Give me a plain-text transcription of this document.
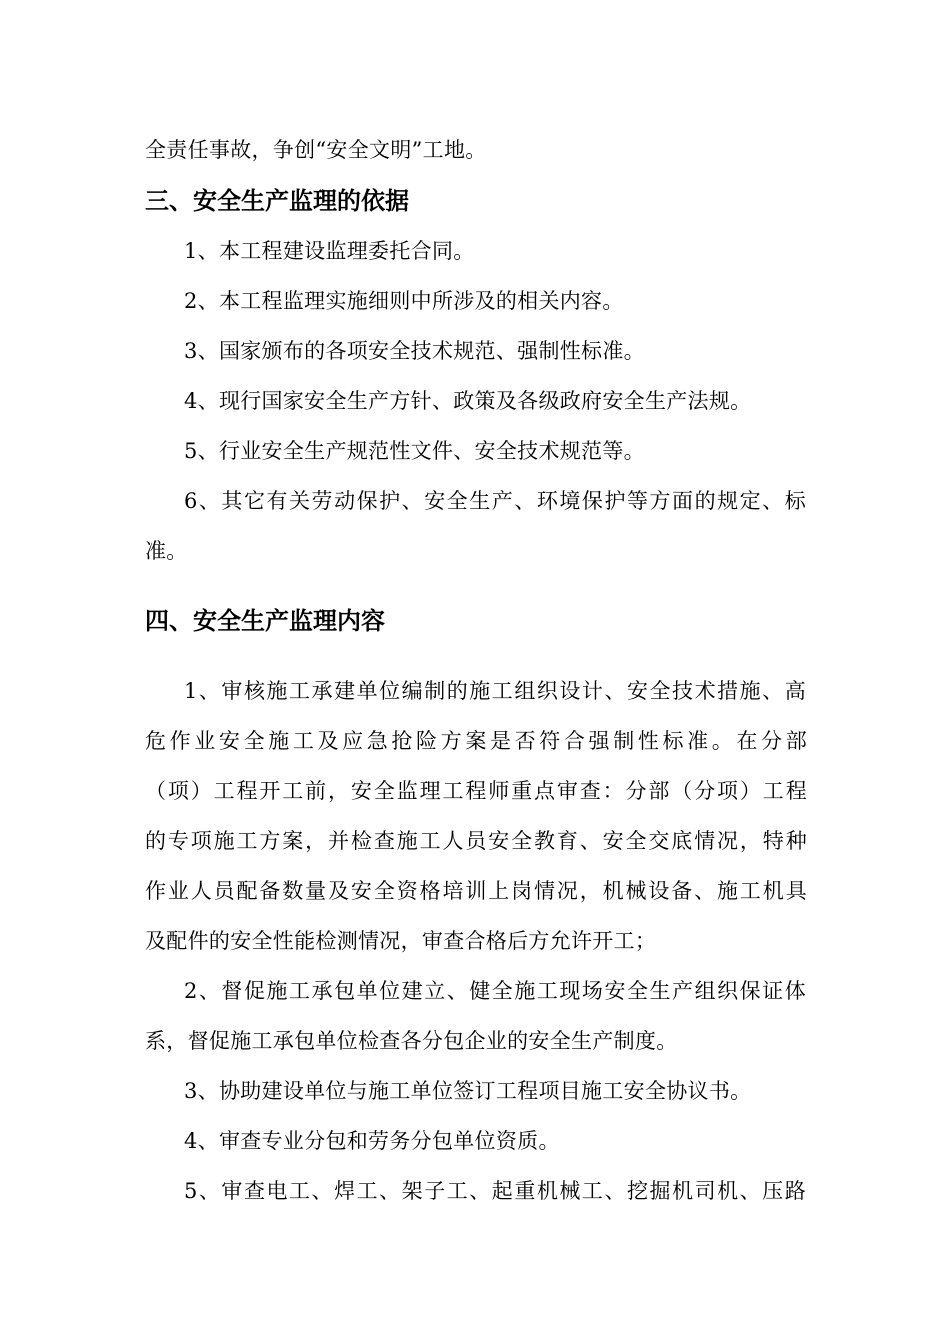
全责任事故，争创“安全文明”工地。
三、安全生产监理的依据
1、本工程建设监理委托合同。
2、本工程监理实施细则中所涉及的相关内容。
3、国家颁布的各项安全技术规范、强制性标准。
4、现行国家安全生产方针、政策及各级政府安全生产法规。
5、行业安全生产规范性文件、安全技术规范等。
6、其它有关劳动保护、安全生产、环境保护等方面的规定、标
准。
四、安全生产监理内容
1、审核施工承建单位编制的施工组织设计、安全技术措施、高
危作业安全施工及应急抢险方案是否符合强制性标准。在分部
（项）工程开工前，安全监理工程师重点审查：分部（分项）工程
的专项施工方案，并检查施工人员安全教育、安全交底情况，特种
作业人员配备数量及安全资格培训上岗情况，机械设备、施工机具
及配件的安全性能检测情况，审查合格后方允许开工；
2、督促施工承包单位建立、健全施工现场安全生产组织保证体
系，督促施工承包单位检查各分包企业的安全生产制度。
3、协助建设单位与施工单位签订工程项目施工安全协议书。
4、审查专业分包和劳务分包单位资质。
5、审查电工、焊工、架子工、起重机械工、挖掘机司机、压路
